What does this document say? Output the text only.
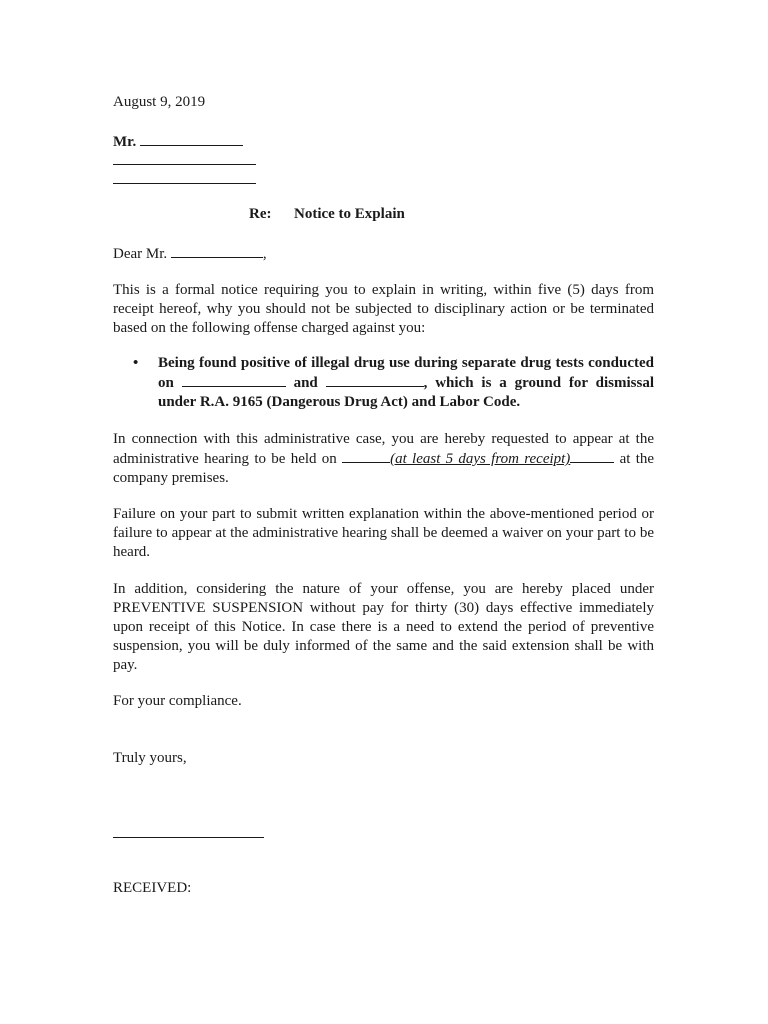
August 9, 2019
Mr.
Re: Notice to Explain
Dear Mr.	,
This is a formal notice requiring you to explain in writing, within five (5) days from receipt hereof, why you should not be subjected to disciplinary action or be terminated based on the following offense charged against you:
• Being found positive of illegal drug use during separate drug tests conducted on	and	, which is a ground for dismissal under R.A. 9165 (Dangerous Drug Act) and Labor Code.
In connection with this administrative case, you are hereby requested to appear at the administrative hearing to be held on	(at least 5 days from receipt)	at the company premises.
Failure on your part to submit written explanation within the above-mentioned period or failure to appear at the administrative hearing shall be deemed a waiver on your part to be heard.
In addition, considering the nature of your offense, you are hereby placed under PREVENTIVE SUSPENSION without pay for thirty (30) days effective immediately upon receipt of this Notice. In case there is a need to extend the period of preventive suspension, you will be duly informed of the same and the said extension shall be with pay.
For your compliance.
Truly yours,
RECEIVED:
